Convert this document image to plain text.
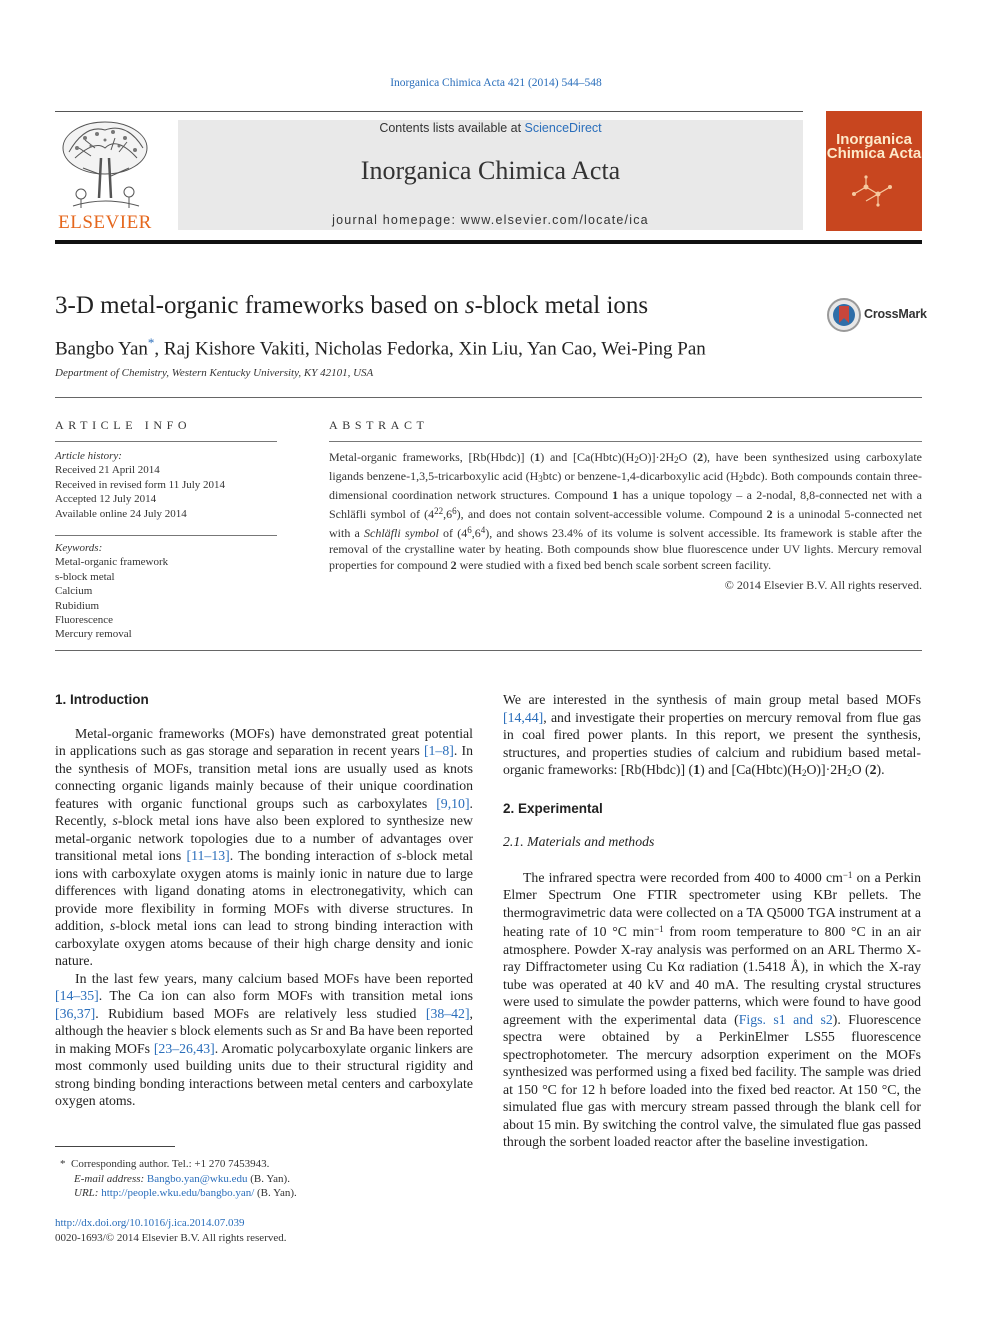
Inorganica Chimica Acta 421 (2014) 544–548
ELSEVIER
Contents lists available at ScienceDirect
Inorganica Chimica Acta
journal homepage: www.elsevier.com/locate/ica
Inorganica
Chimica Acta
3-D metal-organic frameworks based on s-block metal ions	CrossMark
Bangbo Yan*, Raj Kishore Vakiti, Nicholas Fedorka, Xin Liu, Yan Cao, Wei-Ping Pan
Department of Chemistry, Western Kentucky University, KY 42101, USA
ARTICLE INFO	ABSTRACT
Article history:
Received 21 April 2014
Received in revised form 11 July 2014
Accepted 12 July 2014
Available online 24 July 2014
Keywords:
Metal-organic framework
s-block metal
Calcium
Rubidium
Fluorescence
Mercury removal
Metal-organic frameworks, [Rb(Hbdc)] (1) and $[Ca(Hbtc)(H_2O)]\cdot 2H_2O$ (2), have been synthesized using carboxylate ligands benzene-1,3,5-tricarboxylic acid $(H_3btc)$ or benzene-1,4-dicarboxylic acid $(H_2bdc)$. Both compounds contain three-dimensional coordination network structures. Compound 1 has a unique topology – a 2-nodal, 8,8-connected net with a Schläfli symbol of $(4^{22},6^6)$, and does not contain solvent-accessible volume. Compound 2 is a uninodal 5-connected net with a Schläfli symbol of $(4^6,6^4)$, and shows 23.4% of its volume is solvent accessible. Its framework is stable after the removal of the crystalline water by heating. Both compounds show blue fluorescence under UV lights. Mercury removal properties for compound 2 were studied with a fixed bed bench scale sorbent screen facility.
© 2014 Elsevier B.V. All rights reserved.
1. Introduction

Metal-organic frameworks (MOFs) have demonstrated great potential in applications such as gas storage and separation in recent years [1–8]. In the synthesis of MOFs, transition metal ions are usually used as knots connecting organic ligands mainly because of their unique coordination features with organic functional groups such as carboxylates [9,10]. Recently, s-block metal ions have also been explored to synthesize new metal-organic network topologies due to a number of advantages over transitional metal ions [11–13]. The bonding interaction of s-block metal ions with carboxylate oxygen atoms is mainly ionic in nature due to large differences with ligand donating atoms in electronegativity, which can provide more flexibility in forming MOFs with diverse structures. In addition, s-block metal ions can lead to strong binding interaction with carboxylate oxygen atoms because of their high charge density and ionic nature.

In the last few years, many calcium based MOFs have been reported [14–35]. The Ca ion can also form MOFs with transition metal ions [36,37]. Rubidium based MOFs are relatively less studied [38–42], although the heavier s block elements such as Sr and Ba have been reported in making MOFs [23–26,43]. Aromatic polycarboxylate organic linkers are most commonly used building units due to their structural rigidity and strong binding bonding interactions between metal centers and carboxylate oxygen atoms.

We are interested in the synthesis of main group metal based MOFs [14,44], and investigate their properties on mercury removal from flue gas in coal fired power plants. In this report, we present the synthesis, structures, and properties studies of calcium and rubidium based metal-organic frameworks: [Rb(Hbdc)] (1) and $[Ca(Hbtc)(H_2O)]\cdot 2H_2O$ (2).

2. Experimental
2.1. Materials and methods

The infrared spectra were recorded from 400 to 4000 $cm^{-1}$ on a Perkin Elmer Spectrum One FTIR spectrometer using KBr pellets. The thermogravimetric data were collected on a TA Q5000 TGA instrument at a heating rate of 10 °C $\min^{-1}$ from room temperature to 800 °C in an air atmosphere. Powder X-ray analysis was performed on an ARL Thermo X-ray Diffractometer using Cu Kα radiation (1.5418 Å), in which the X-ray tube was operated at 40 kV and 40 mA. The resulting crystal structures were used to simulate the powder patterns, which were found to have good agreement with the experimental data (Figs. s1 and s2). Fluorescence spectra were obtained by a PerkinElmer LS55 fluorescence spectrophotometer. The mercury adsorption experiment on the MOFs synthesized was performed using a fixed bed facility. The sample was dried at 150 °C for 12 h before loaded into the fixed bed reactor. At 150 °C, the simulated flue gas with mercury stream passed through the blank cell for about 15 min. By switching the control valve, the simulated flue gas passed through the sorbent loaded reactor after the baseline investigation.

* Corresponding author. Tel.: +1 270 7453943.
E-mail address: Bangbo.yan@wku.edu (B. Yan).
URL: http://people.wku.edu/bangbo.yan/ (B. Yan).
http://dx.doi.org/10.1016/j.ica.2014.07.039
0020-1693/© 2014 Elsevier B.V. All rights reserved.
